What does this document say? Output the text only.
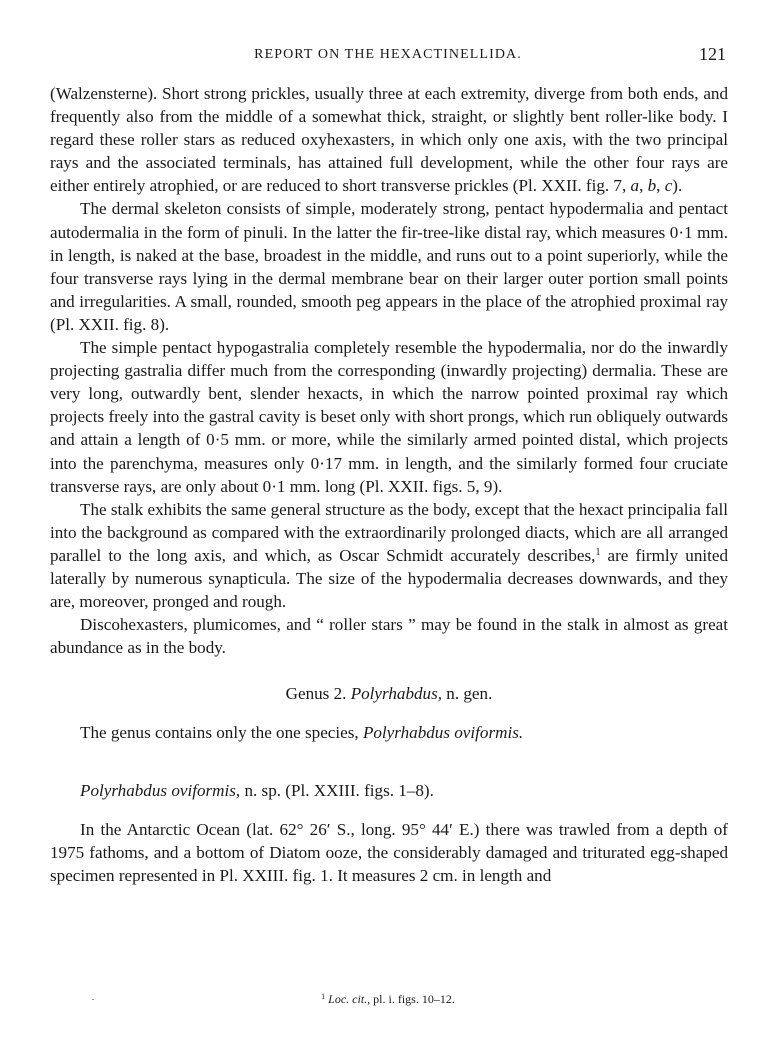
REPORT ON THE HEXACTINELLIDA.	121

(Walzensterne). Short strong prickles, usually three at each extremity, diverge from both ends, and frequently also from the middle of a somewhat thick, straight, or slightly bent roller-like body. I regard these roller stars as reduced oxyhexasters, in which only one axis, with the two principal rays and the associated terminals, has attained full development, while the other four rays are either entirely atrophied, or are reduced to short transverse prickles (Pl. XXII. fig. 7, a, b, c).

The dermal skeleton consists of simple, moderately strong, pentact hypodermalia and pentact autodermalia in the form of pinuli. In the latter the fir-tree-like distal ray, which measures 0·1 mm. in length, is naked at the base, broadest in the middle, and runs out to a point superiorly, while the four transverse rays lying in the dermal membrane bear on their larger outer portion small points and irregularities. A small, rounded, smooth peg appears in the place of the atrophied proximal ray (Pl. XXII. fig. 8).

The simple pentact hypogastralia completely resemble the hypodermalia, nor do the inwardly projecting gastralia differ much from the corresponding (inwardly projecting) dermalia. These are very long, outwardly bent, slender hexacts, in which the narrow pointed proximal ray which projects freely into the gastral cavity is beset only with short prongs, which run obliquely outwards and attain a length of 0·5 mm. or more, while the similarly armed pointed distal, which projects into the parenchyma, measures only 0·17 mm. in length, and the similarly formed four cruciate transverse rays, are only about 0·1 mm. long (Pl. XXII. figs. 5, 9).

The stalk exhibits the same general structure as the body, except that the hexact principalia fall into the background as compared with the extraordinarily prolonged diacts, which are all arranged parallel to the long axis, and which, as Oscar Schmidt accurately describes,$^1$ are firmly united laterally by numerous synapticula. The size of the hypodermalia decreases downwards, and they are, moreover, pronged and rough.

Discohexasters, plumicomes, and “ roller stars ” may be found in the stalk in almost as great abundance as in the body.

Genus 2. Polyrhabdus, n. gen.

The genus contains only the one species, Polyrhabdus oviformis.

Polyrhabdus oviformis, n. sp. (Pl. XXIII. figs. 1–8).

In the Antarctic Ocean (lat. 62° 26′ S., long. 95° 44′ E.) there was trawled from a depth of 1975 fathoms, and a bottom of Diatom ooze, the considerably damaged and triturated egg-shaped specimen represented in Pl. XXIII. fig. 1. It measures 2 cm. in length and

$^1$ Loc. cit., pl. i. figs. 10–12.
